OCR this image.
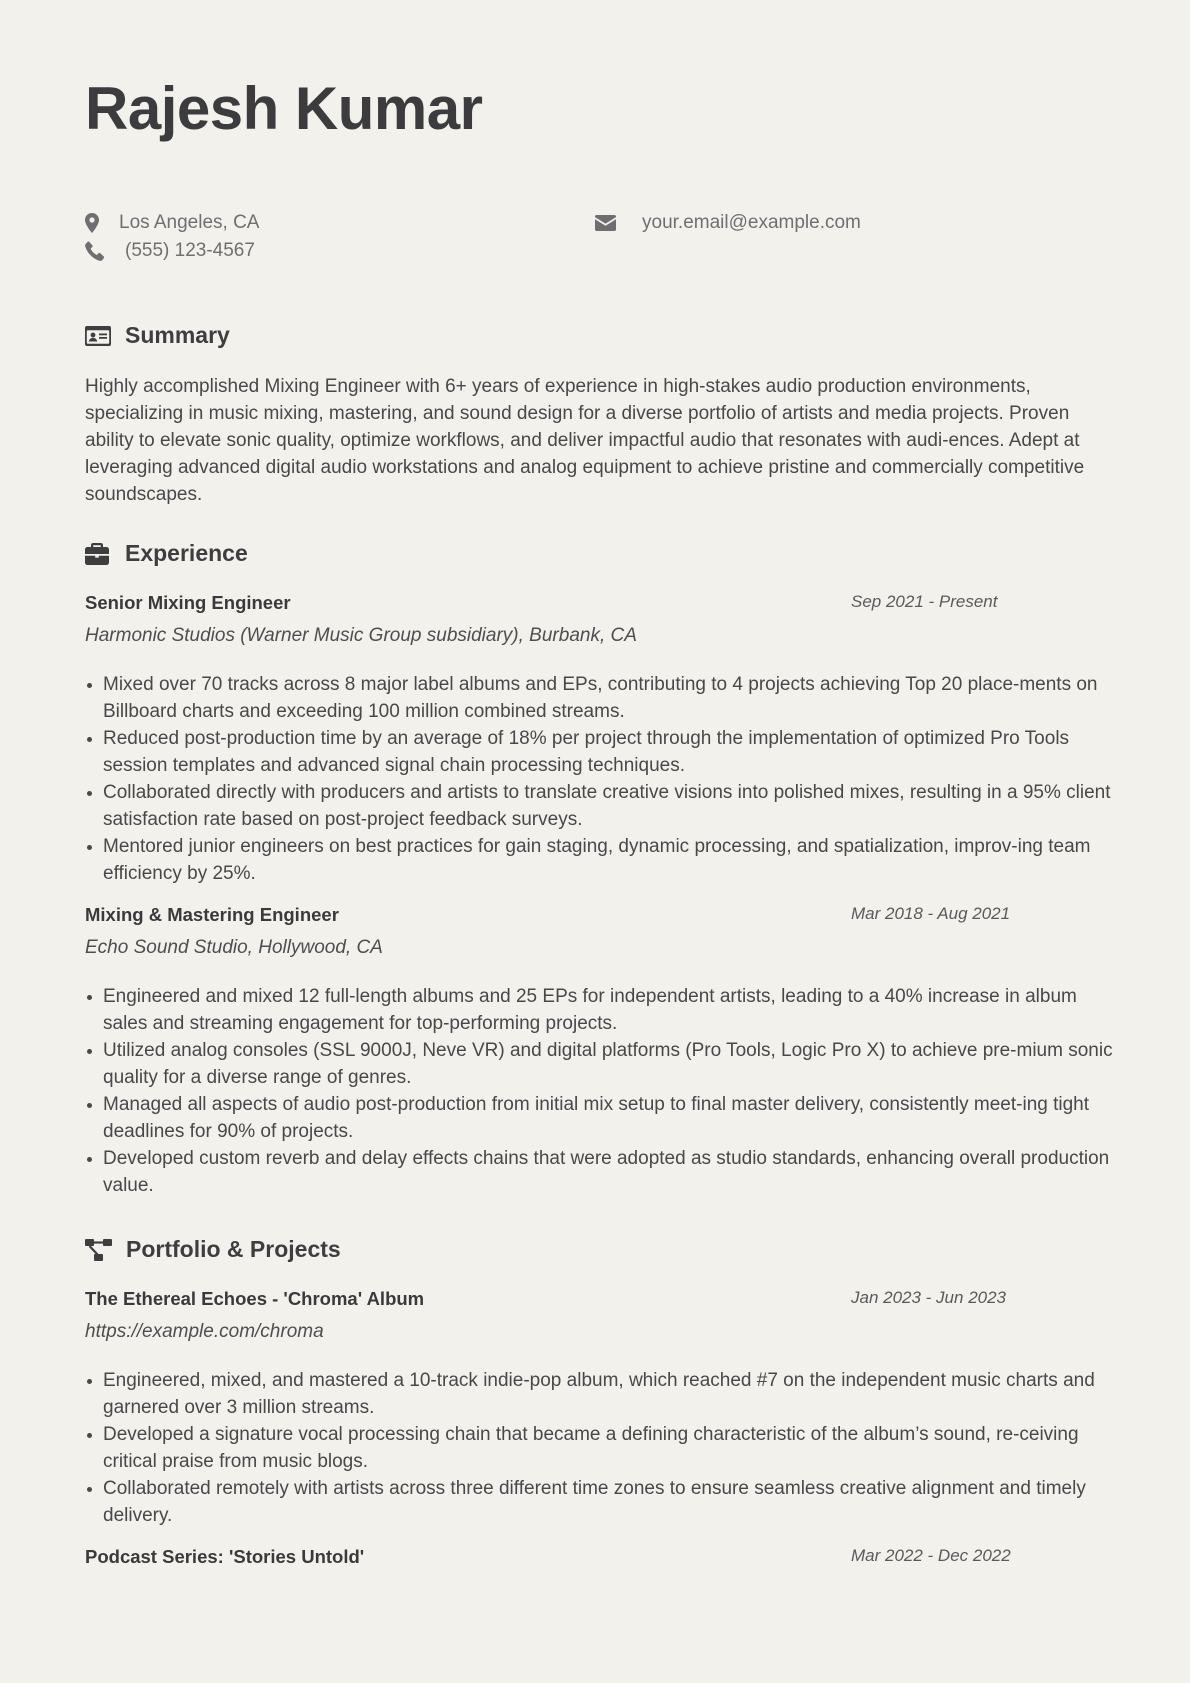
Rajesh Kumar
Los Angeles, CA
(555) 123-4567
your.email@example.com
Summary
Highly accomplished Mixing Engineer with 6+ years of experience in high-stakes audio production environments, specializing in music mixing, mastering, and sound design for a diverse portfolio of artists and media projects. Proven ability to elevate sonic quality, optimize workflows, and deliver impactful audio that resonates with audi-ences. Adept at leveraging advanced digital audio workstations and analog equipment to achieve pristine and commercially competitive soundscapes.
Experience
Senior Mixing Engineer	Sep 2021 - Present
Harmonic Studios (Warner Music Group subsidiary), Burbank, CA
Mixed over 70 tracks across 8 major label albums and EPs, contributing to 4 projects achieving Top 20 place-ments on Billboard charts and exceeding 100 million combined streams.
Reduced post-production time by an average of 18% per project through the implementation of optimized Pro Tools session templates and advanced signal chain processing techniques.
Collaborated directly with producers and artists to translate creative visions into polished mixes, resulting in a 95% client satisfaction rate based on post-project feedback surveys.
Mentored junior engineers on best practices for gain staging, dynamic processing, and spatialization, improv-ing team efficiency by 25%.
Mixing & Mastering Engineer	Mar 2018 - Aug 2021
Echo Sound Studio, Hollywood, CA
Engineered and mixed 12 full-length albums and 25 EPs for independent artists, leading to a 40% increase in album sales and streaming engagement for top-performing projects.
Utilized analog consoles (SSL 9000J, Neve VR) and digital platforms (Pro Tools, Logic Pro X) to achieve pre-mium sonic quality for a diverse range of genres.
Managed all aspects of audio post-production from initial mix setup to final master delivery, consistently meet-ing tight deadlines for 90% of projects.
Developed custom reverb and delay effects chains that were adopted as studio standards, enhancing overall production value.
Portfolio & Projects
The Ethereal Echoes - 'Chroma' Album	Jan 2023 - Jun 2023
https://example.com/chroma
Engineered, mixed, and mastered a 10-track indie-pop album, which reached #7 on the independent music charts and garnered over 3 million streams.
Developed a signature vocal processing chain that became a defining characteristic of the album’s sound, re-ceiving critical praise from music blogs.
Collaborated remotely with artists across three different time zones to ensure seamless creative alignment and timely delivery.
Podcast Series: 'Stories Untold'	Mar 2022 - Dec 2022
